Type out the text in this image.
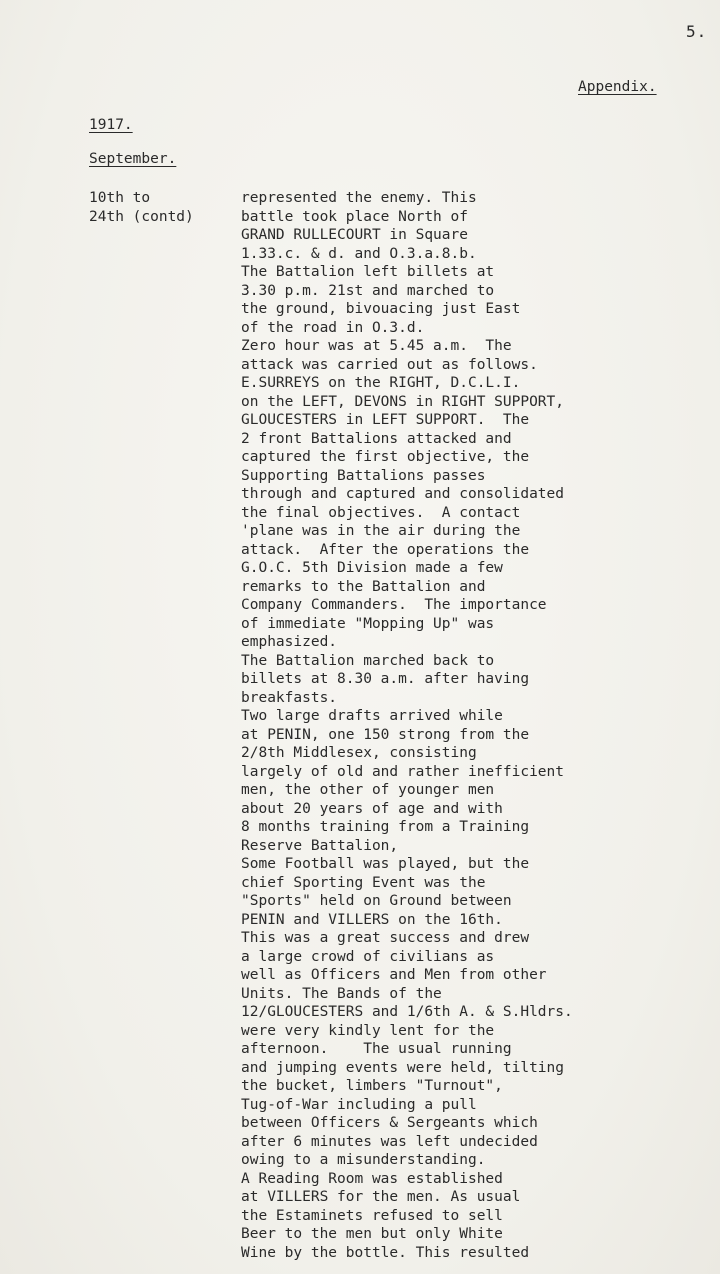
5.
Appendix.
1917.
September.
10th to
24th (contd)
represented the enemy. This
battle took place North of
GRAND RULLECOURT in Square
1.33.c. & d. and O.3.a.8.b.
The Battalion left billets at
3.30 p.m. 21st and marched to
the ground, bivouacing just East
of the road in O.3.d.
Zero hour was at 5.45 a.m.  The
attack was carried out as follows.
E.SURREYS on the RIGHT, D.C.L.I.
on the LEFT, DEVONS in RIGHT SUPPORT,
GLOUCESTERS in LEFT SUPPORT.  The
2 front Battalions attacked and
captured the first objective, the
Supporting Battalions passes
through and captured and consolidated
the final objectives.  A contact
'plane was in the air during the
attack.  After the operations the
G.O.C. 5th Division made a few
remarks to the Battalion and
Company Commanders.  The importance
of immediate "Mopping Up" was
emphasized.
The Battalion marched back to
billets at 8.30 a.m. after having
breakfasts.
Two large drafts arrived while
at PENIN, one 150 strong from the
2/8th Middlesex, consisting
largely of old and rather inefficient
men, the other of younger men
about 20 years of age and with
8 months training from a Training
Reserve Battalion,
Some Football was played, but the
chief Sporting Event was the
"Sports" held on Ground between
PENIN and VILLERS on the 16th.
This was a great success and drew
a large crowd of civilians as
well as Officers and Men from other
Units. The Bands of the
12/GLOUCESTERS and 1/6th A. & S.Hldrs.
were very kindly lent for the
afternoon.    The usual running
and jumping events were held, tilting
the bucket, limbers "Turnout",
Tug-of-War including a pull
between Officers & Sergeants which
after 6 minutes was left undecided
owing to a misunderstanding.
A Reading Room was established
at VILLERS for the men. As usual
the Estaminets refused to sell
Beer to the men but only White
Wine by the bottle. This resulted
